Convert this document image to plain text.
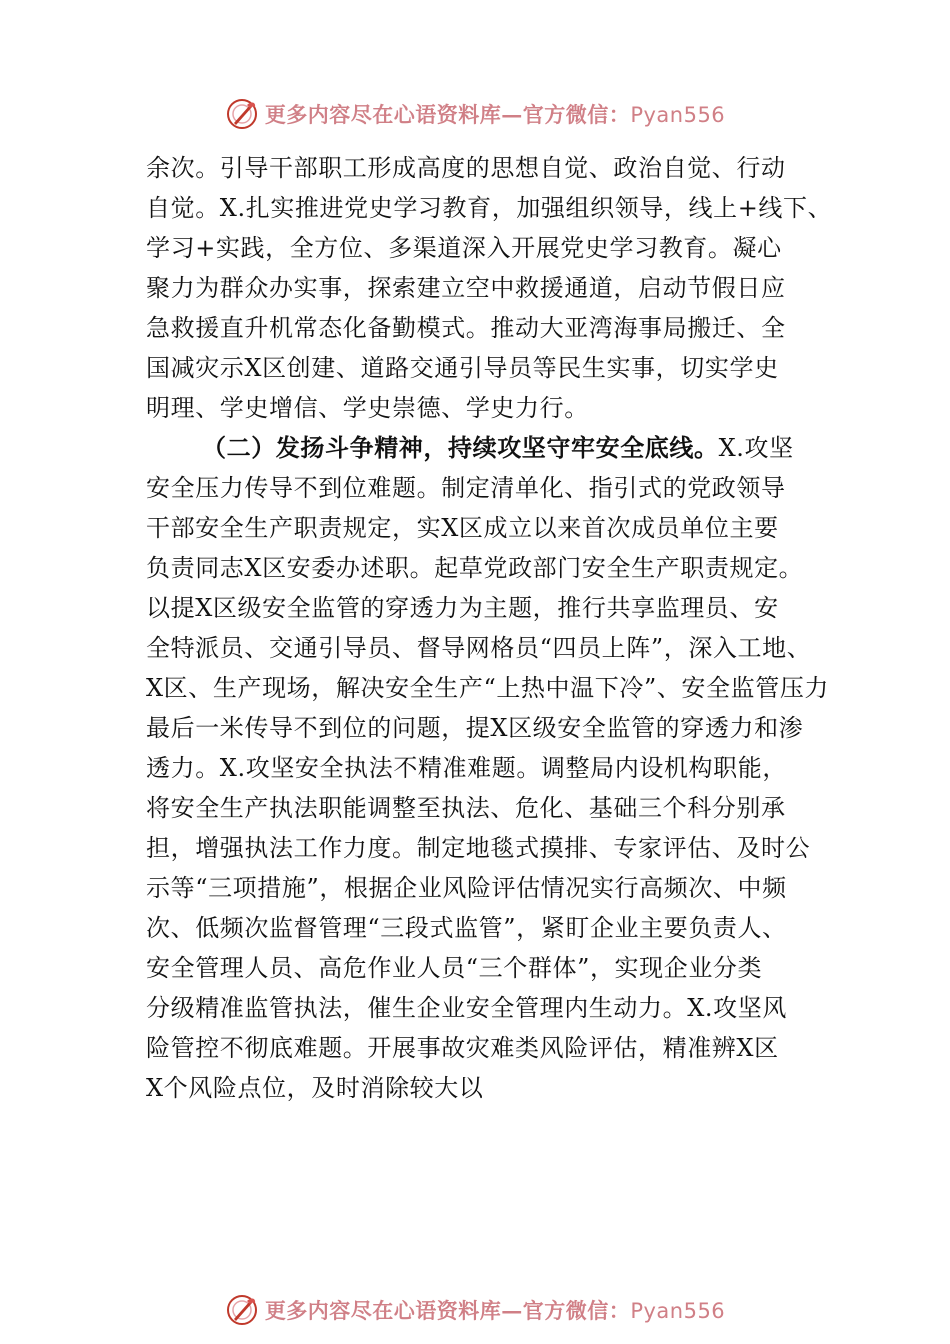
更多内容尽在心语资料库—官方微信：Pyan556
余次。引导干部职工形成高度的思想自觉、政治自觉、行动
自觉。X.扎实推进党史学习教育，加强组织领导，线上+线下、
学习+实践，全方位、多渠道深入开展党史学习教育。凝心
聚力为群众办实事，探索建立空中救援通道，启动节假日应
急救援直升机常态化备勤模式。推动大亚湾海事局搬迁、全
国减灾示X区创建、道路交通引导员等民生实事，切实学史
明理、学史增信、学史崇德、学史力行。
（二）发扬斗争精神，持续攻坚守牢安全底线。X.攻坚
安全压力传导不到位难题。制定清单化、指引式的党政领导
干部安全生产职责规定，实X区成立以来首次成员单位主要
负责同志X区安委办述职。起草党政部门安全生产职责规定。
以提X区级安全监管的穿透力为主题，推行共享监理员、安
全特派员、交通引导员、督导网格员“四员上阵”，深入工地、
X区、生产现场，解决安全生产“上热中温下冷”、安全监管压力
最后一米传导不到位的问题，提X区级安全监管的穿透力和渗
透力。X.攻坚安全执法不精准难题。调整局内设机构职能，
将安全生产执法职能调整至执法、危化、基础三个科分别承
担，增强执法工作力度。制定地毯式摸排、专家评估、及时公
示等“三项措施”，根据企业风险评估情况实行高频次、中频
次、低频次监督管理“三段式监管”，紧盯企业主要负责人、
安全管理人员、高危作业人员“三个群体”，实现企业分类
分级精准监管执法，催生企业安全管理内生动力。X.攻坚风
险管控不彻底难题。开展事故灾难类风险评估，精准辨X区
X个风险点位，及时消除较大以
更多内容尽在心语资料库—官方微信：Pyan556
